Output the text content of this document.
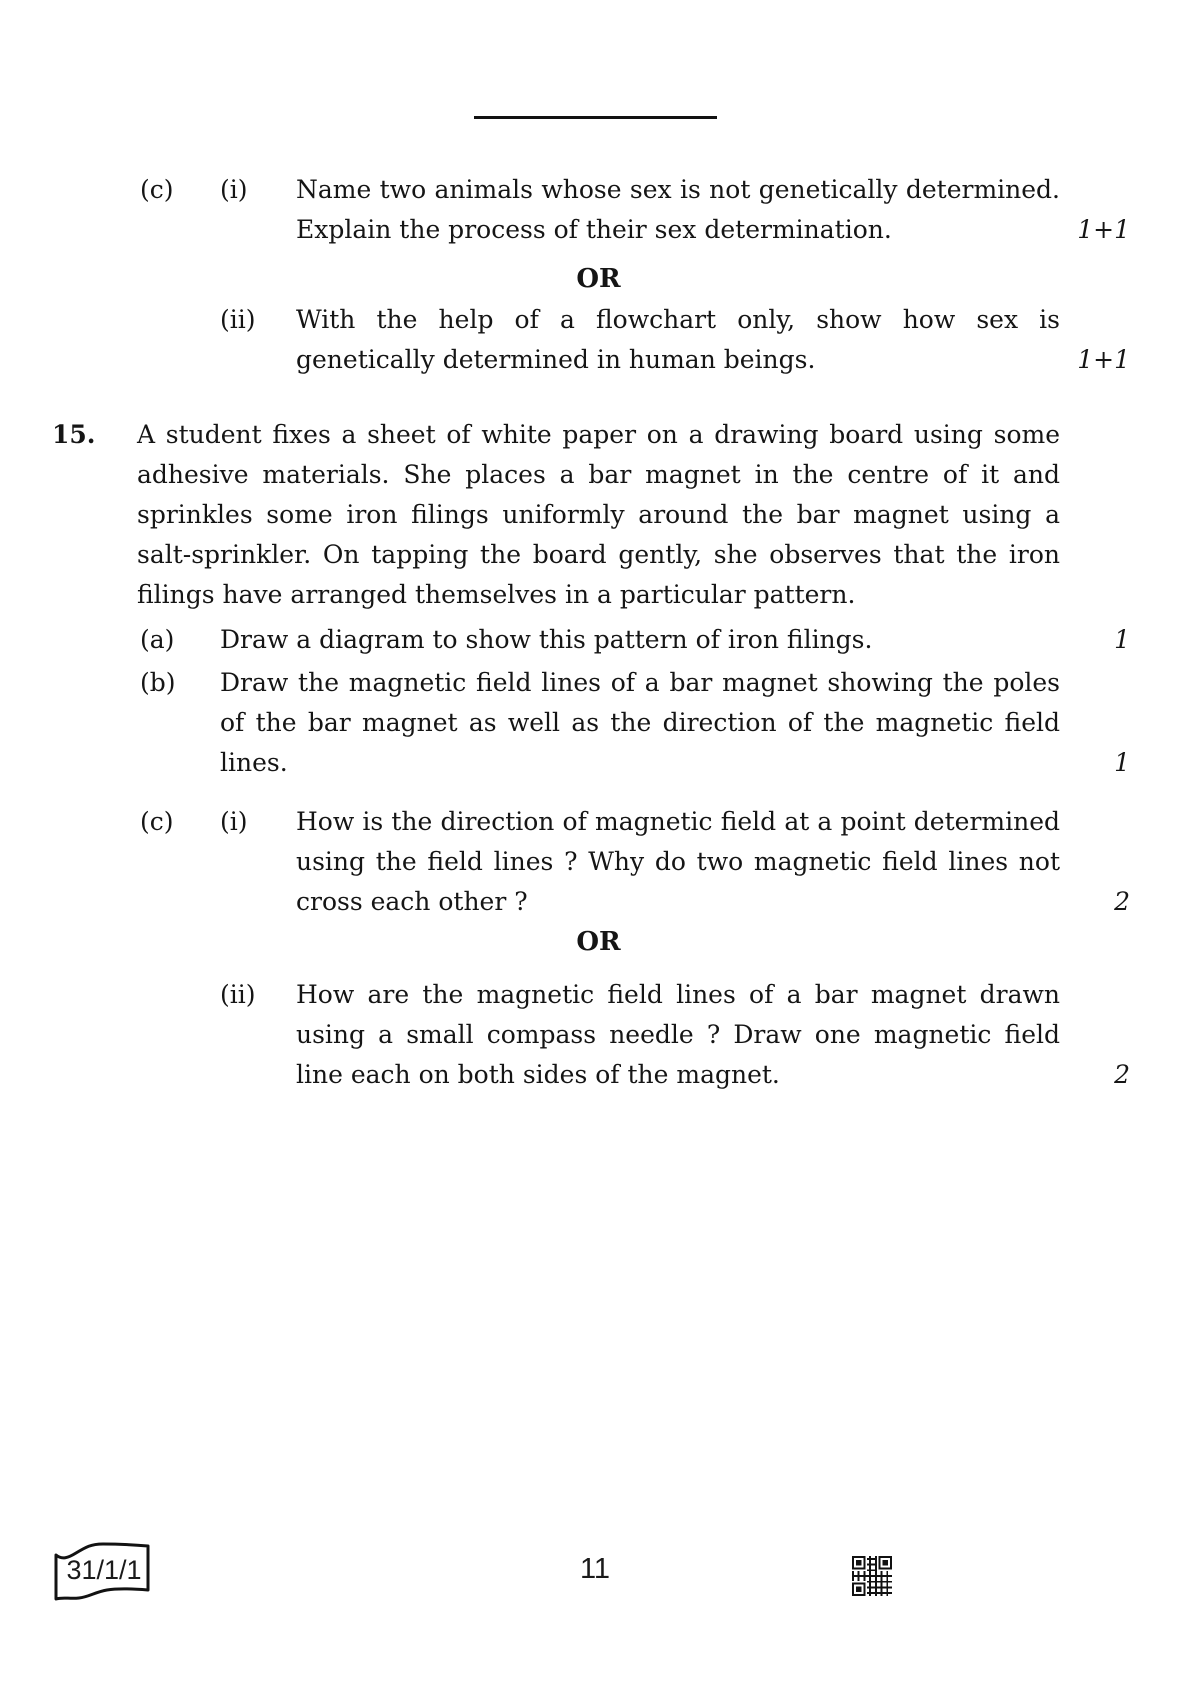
(c)	(i)	Name two animals whose sex is not genetically determined. Explain the process of their sex determination.	1+1
OR
(ii)	With the help of a flowchart only, show how sex is genetically determined in human beings.	1+1
15.	A student fixes a sheet of white paper on a drawing board using some adhesive materials. She places a bar magnet in the centre of it and sprinkles some iron filings uniformly around the bar magnet using a salt-sprinkler. On tapping the board gently, she observes that the iron filings have arranged themselves in a particular pattern.
(a)	Draw a diagram to show this pattern of iron filings.	1
(b)	Draw the magnetic field lines of a bar magnet showing the poles of the bar magnet as well as the direction of the magnetic field lines.	1
(c)	(i)	How is the direction of magnetic field at a point determined using the field lines ? Why do two magnetic field lines not cross each other ?	2
OR
(ii)	How are the magnetic field lines of a bar magnet drawn using a small compass needle ? Draw one magnetic field line each on both sides of the magnet.	2
31/1/1	11
